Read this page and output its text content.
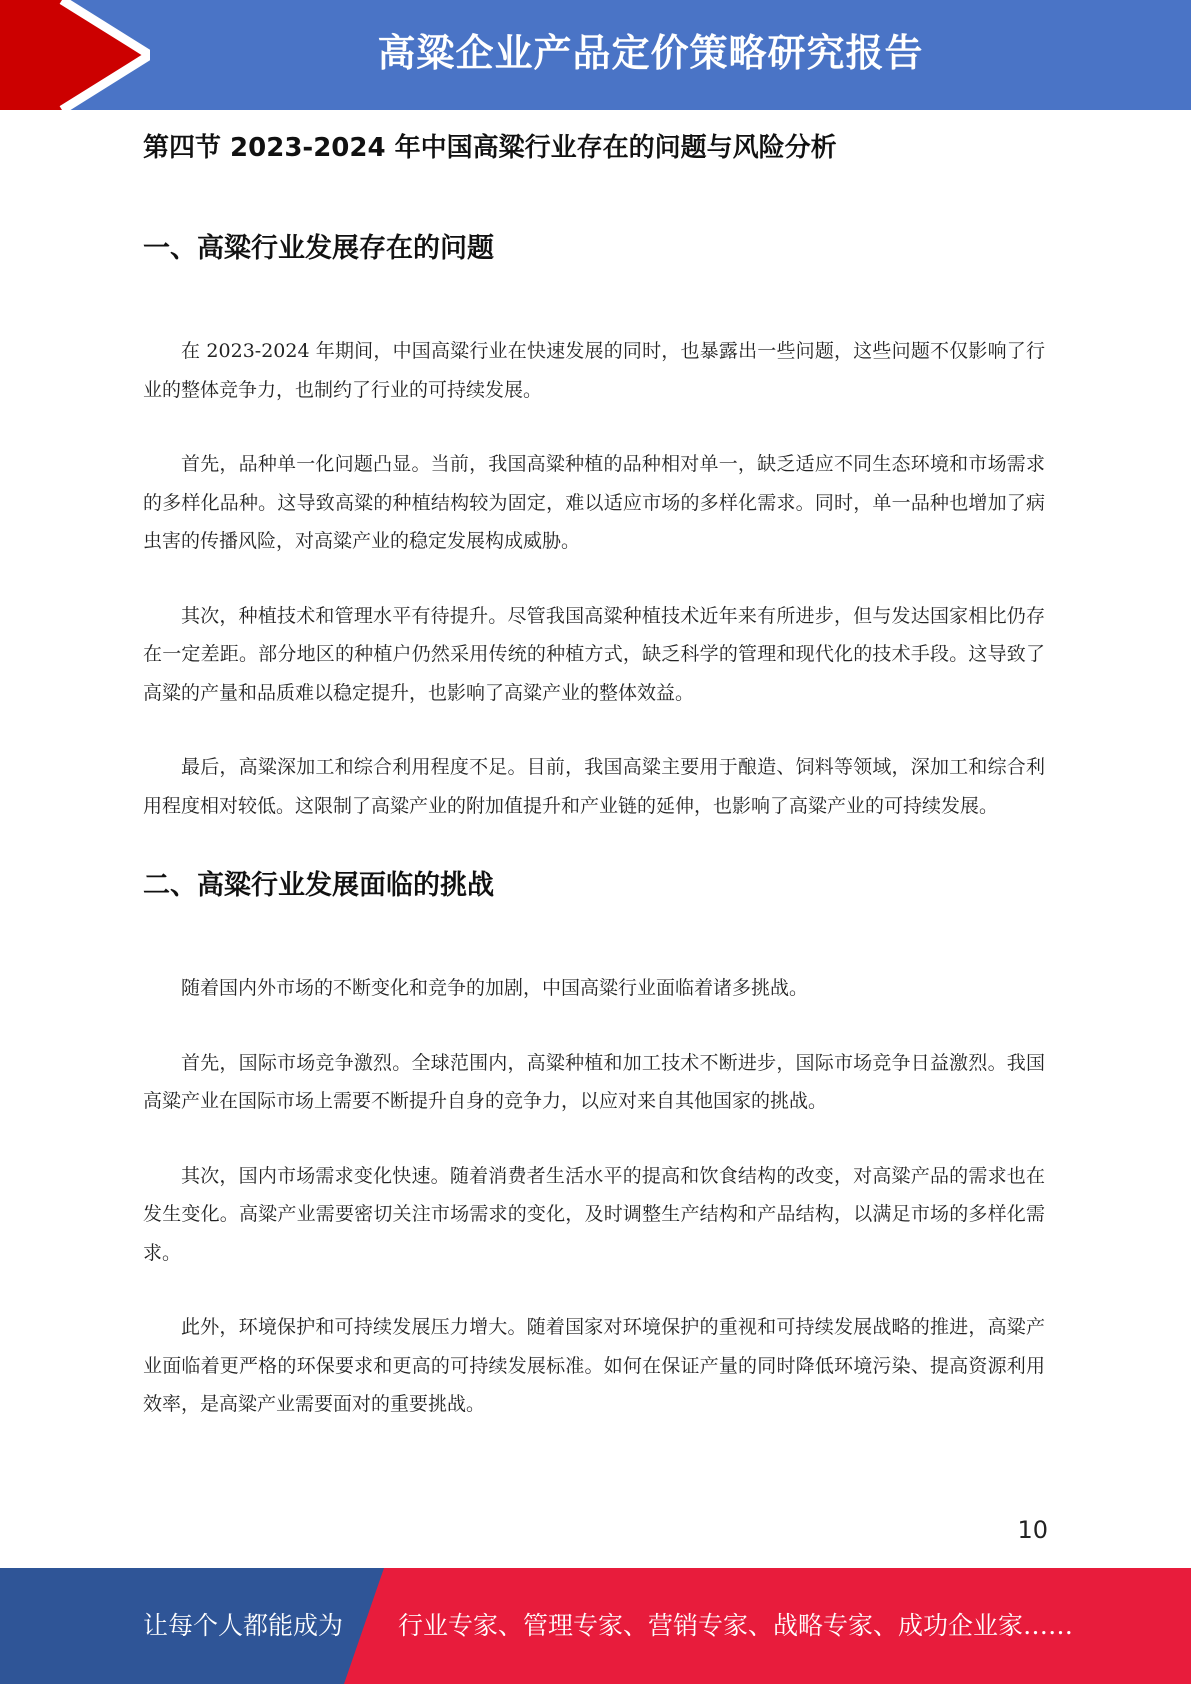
高粱企业产品定价策略研究报告
第四节 2023-2024 年中国高粱行业存在的问题与风险分析
一、高粱行业发展存在的问题

在 2023-2024 年期间，中国高粱行业在快速发展的同时，也暴露出一些问题，这些问题不仅影响了行业的整体竞争力，也制约了行业的可持续发展。

首先，品种单一化问题凸显。当前，我国高粱种植的品种相对单一，缺乏适应不同生态环境和市场需求的多样化品种。这导致高粱的种植结构较为固定，难以适应市场的多样化需求。同时，单一品种也增加了病虫害的传播风险，对高粱产业的稳定发展构成威胁。

其次，种植技术和管理水平有待提升。尽管我国高粱种植技术近年来有所进步，但与发达国家相比仍存在一定差距。部分地区的种植户仍然采用传统的种植方式，缺乏科学的管理和现代化的技术手段。这导致了高粱的产量和品质难以稳定提升，也影响了高粱产业的整体效益。

最后，高粱深加工和综合利用程度不足。目前，我国高粱主要用于酿造、饲料等领域，深加工和综合利用程度相对较低。这限制了高粱产业的附加值提升和产业链的延伸，也影响了高粱产业的可持续发展。

二、高粱行业发展面临的挑战

随着国内外市场的不断变化和竞争的加剧，中国高粱行业面临着诸多挑战。

首先，国际市场竞争激烈。全球范围内，高粱种植和加工技术不断进步，国际市场竞争日益激烈。我国高粱产业在国际市场上需要不断提升自身的竞争力，以应对来自其他国家的挑战。

其次，国内市场需求变化快速。随着消费者生活水平的提高和饮食结构的改变，对高粱产品的需求也在发生变化。高粱产业需要密切关注市场需求的变化，及时调整生产结构和产品结构，以满足市场的多样化需求。

此外，环境保护和可持续发展压力增大。随着国家对环境保护的重视和可持续发展战略的推进，高粱产业面临着更严格的环保要求和更高的可持续发展标准。如何在保证产量的同时降低环境污染、提高资源利用效率，是高粱产业需要面对的重要挑战。

10
让每个人都能成为 行业专家、管理专家、营销专家、战略专家、成功企业家……
